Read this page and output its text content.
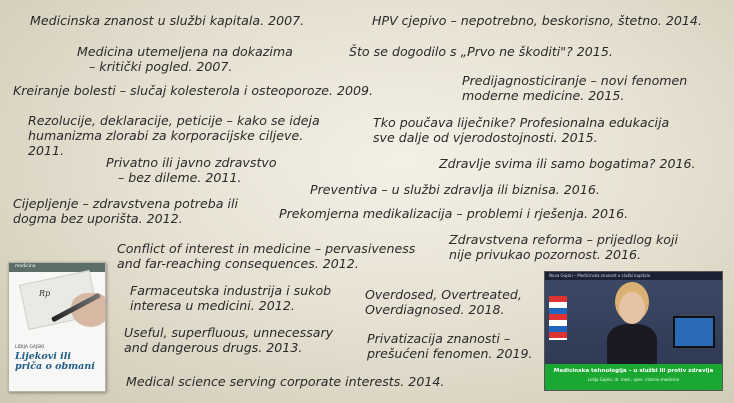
Medicinska znanost u službi kapitala. 2007.	HPV cjepivo – nepotrebno, beskorisno, štetno. 2014.
Medicina utemeljena na dokazima
– kritički pogled. 2007.
Što se dogodilo s „Prvo ne škoditi"? 2015.
Kreiranje bolesti – slučaj kolesterola i osteoporoze. 2009.
Predijagnosticiranje – novi fenomen
moderne medicine. 2015.
Rezolucije, deklaracije, peticije – kako se ideja
humanizma zlorabi za korporacijske ciljeve.
2011.
Tko poučava liječnike? Profesionalna edukacija
sve dalje od vjerodostojnosti. 2015.
Privatno ili javno zdravstvo
– bez dileme. 2011.
Zdravlje svima ili samo bogatima? 2016.
Preventiva – u službi zdravlja ili biznisa. 2016.
Cijepljenje – zdravstvena potreba ili
dogma bez uporišta. 2012.	Prekomjerna medikalizacija – problemi i rješenja. 2016.
Conflict of interest in medicine – pervasiveness
and far-reaching consequences. 2012.
Zdravstvena reforma – prijedlog koji
nije privukao pozornost. 2016.
Farmaceutska industrija i sukob
interesa u medicini. 2012.
Overdosed, Overtreated,
Overdiagnosed. 2018.
Useful, superfluous, unnecessary
and dangerous drugs. 2013.
Privatizacija znanosti –
prešućeni fenomen. 2019.
Medical science serving corporate interests. 2014.
medicina
Rp
LIDIJA GAJSKI
Lijekovi ili
priča o obmani
Nova Gajski – Medicinska znanost u službi kapitala
Medicinska tehnologija – u službi ili protiv zdravlja
Lidija Gajski, dr. med., spec. interne medicine
